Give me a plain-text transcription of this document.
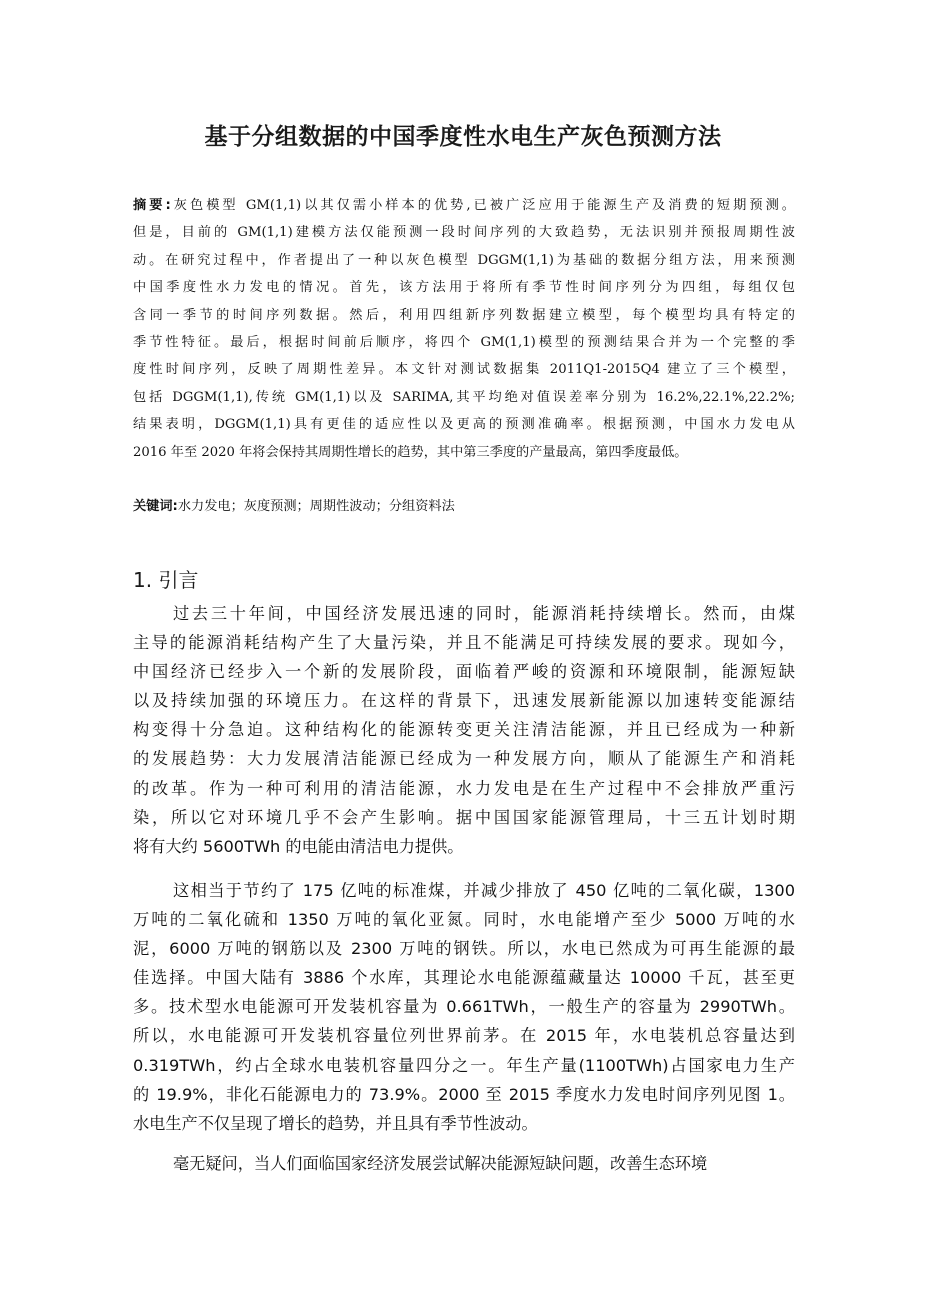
基于分组数据的中国季度性水电生产灰色预测方法
摘要:灰色模型 GM(1,1)以其仅需小样本的优势,已被广泛应用于能源生产及消费的短期预测。
但是，目前的 GM(1,1)建模方法仅能预测一段时间序列的大致趋势，无法识别并预报周期性波
动。在研究过程中，作者提出了一种以灰色模型 DGGM(1,1)为基础的数据分组方法，用来预测
中国季度性水力发电的情况。首先，该方法用于将所有季节性时间序列分为四组，每组仅包
含同一季节的时间序列数据。然后，利用四组新序列数据建立模型，每个模型均具有特定的
季节性特征。最后，根据时间前后顺序，将四个 GM(1,1)模型的预测结果合并为一个完整的季
度性时间序列，反映了周期性差异。本文针对测试数据集 2011Q1-2015Q4 建立了三个模型，
包括 DGGM(1,1),传统 GM(1,1)以及 SARIMA,其平均绝对值误差率分别为 16.2%,22.1%,22.2%;
结果表明，DGGM(1,1)具有更佳的适应性以及更高的预测准确率。根据预测，中国水力发电从
2016 年至 2020 年将会保持其周期性增长的趋势，其中第三季度的产量最高，第四季度最低。
关键词:水力发电；灰度预测；周期性波动；分组资料法
1. 引言
过去三十年间，中国经济发展迅速的同时，能源消耗持续增长。然而，由煤
主导的能源消耗结构产生了大量污染，并且不能满足可持续发展的要求。现如今，
中国经济已经步入一个新的发展阶段，面临着严峻的资源和环境限制，能源短缺
以及持续加强的环境压力。在这样的背景下，迅速发展新能源以加速转变能源结
构变得十分急迫。这种结构化的能源转变更关注清洁能源，并且已经成为一种新
的发展趋势：大力发展清洁能源已经成为一种发展方向，顺从了能源生产和消耗
的改革。作为一种可利用的清洁能源，水力发电是在生产过程中不会排放严重污
染，所以它对环境几乎不会产生影响。据中国国家能源管理局，十三五计划时期
将有大约 5600TWh 的电能由清洁电力提供。
这相当于节约了 175 亿吨的标准煤，并减少排放了 450 亿吨的二氧化碳，1300
万吨的二氧化硫和 1350 万吨的氧化亚氮。同时，水电能增产至少 5000 万吨的水
泥，6000 万吨的钢筋以及 2300 万吨的钢铁。所以，水电已然成为可再生能源的最
佳选择。中国大陆有 3886 个水库，其理论水电能源蕴藏量达 10000 千瓦，甚至更
多。技术型水电能源可开发装机容量为 0.661TWh，一般生产的容量为 2990TWh。
所以，水电能源可开发装机容量位列世界前茅。在 2015 年，水电装机总容量达到
0.319TWh，约占全球水电装机容量四分之一。年生产量(1100TWh)占国家电力生产
的 19.9%，非化石能源电力的 73.9%。2000 至 2015 季度水力发电时间序列见图 1。
水电生产不仅呈现了增长的趋势，并且具有季节性波动。
毫无疑问，当人们面临国家经济发展尝试解决能源短缺问题，改善生态环境
